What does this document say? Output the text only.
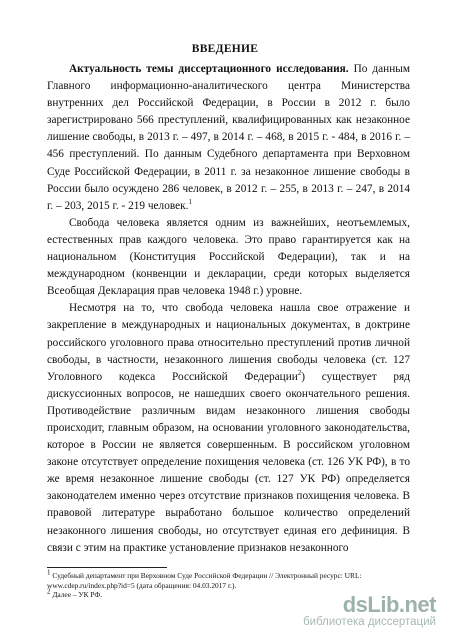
ВВЕДЕНИЕ

Актуальность темы диссертационного исследования. По данным Главного информационно-аналитического центра Министерства внутренних дел Российской Федерации, в России в 2012 г. было зарегистрировано 566 преступлений, квалифицированных как незаконное лишение свободы, в 2013 г. – 497, в 2014 г. – 468, в 2015 г. - 484, в 2016 г. – 456 преступлений. По данным Судебного департамента при Верховном Суде Российской Федерации, в 2011 г. за незаконное лишение свободы в России было осуждено 286 человек, в 2012 г. – 255, в 2013 г. – 247, в 2014 г. – 203, 2015 г. - 219 человек.$^1$

Свобода человека является одним из важнейших, неотъемлемых, естественных прав каждого человека. Это право гарантируется как на национальном (Конституция Российской Федерации), так и на международном (конвенции и декларации, среди которых выделяется Всеобщая Декларация прав человека 1948 г.) уровне.

Несмотря на то, что свобода человека нашла свое отражение и закрепление в международных и национальных документах, в доктрине российского уголовного права относительно преступлений против личной свободы, в частности, незаконного лишения свободы человека (ст. 127 Уголовного кодекса Российской Федерации$^2$) существует ряд дискуссионных вопросов, не нашедших своего окончательного решения. Противодействие различным видам незаконного лишения свободы происходит, главным образом, на основании уголовного законодательства, которое в России не является совершенным. В российском уголовном законе отсутствует определение похищения человека (ст. 126 УК РФ), в то же время незаконное лишение свободы (ст. 127 УК РФ) определяется законодателем именно через отсутствие признаков похищения человека. В правовой литературе выработано большое количество определений незаконного лишения свободы, но отсутствует единая его дефиниция. В связи с этим на практике установление признаков незаконного

$^1$ Судебный департамент при Верховном Суде Российской Федерации // Электронный ресурс: URL: www.cdep.ru/index.php?id=5 (дата обращения: 04.03.2017 г.).
$^2$ Далее – УК РФ.	dsLib.net
библиотека диссертаций
